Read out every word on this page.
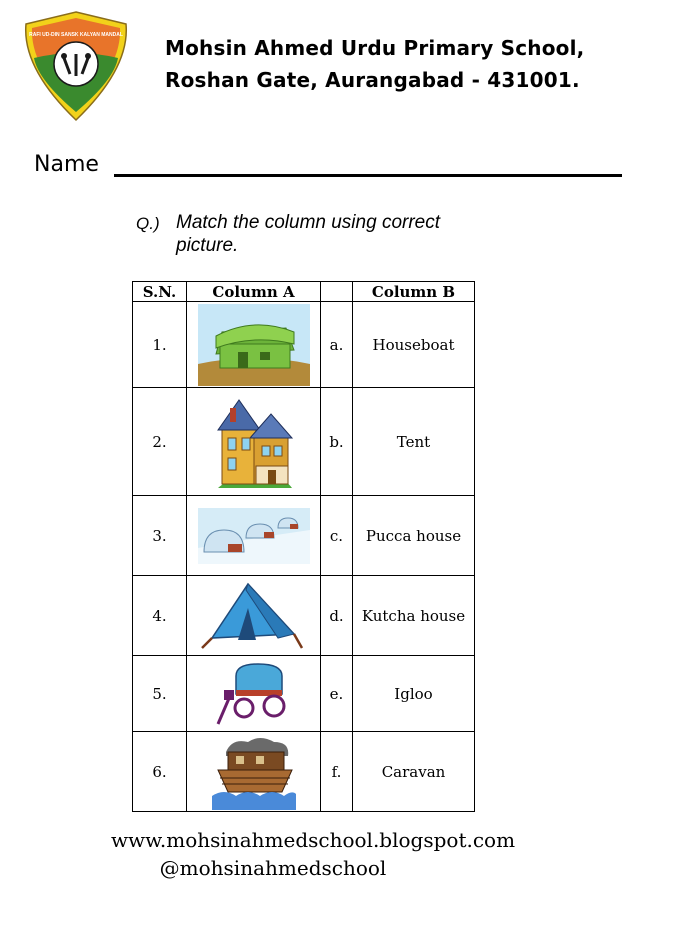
RAFI UD-DIN SANSK KALYAN MANDAL
Mohsin Ahmed Urdu Primary School,
Roshan Gate, Aurangabad - 431001.
Name
Q.) Match the column using correct picture.
S.N.	Column A		Column B
1.		a.	Houseboat
2.		b.	Tent
3.		c.	Pucca house
4.		d.	Kutcha house
5.		e.	Igloo
6.		f.	Caravan
www.mohsinahmedschool.blogspot.com
@mohsinahmedschool
